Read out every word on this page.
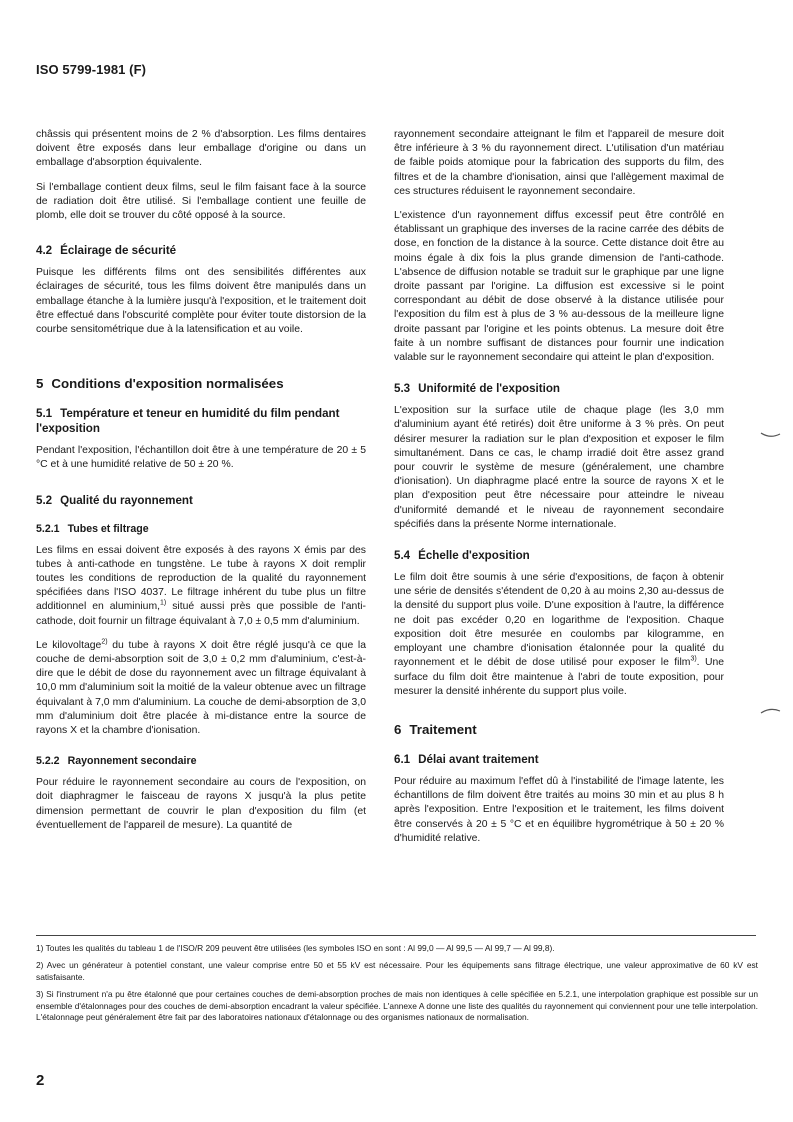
ISO 5799-1981 (F)

châssis qui présentent moins de 2 % d'absorption. Les films dentaires doivent être exposés dans leur emballage d'origine ou dans un emballage d'absorption équivalente.

Si l'emballage contient deux films, seul le film faisant face à la source de radiation doit être utilisé. Si l'emballage contient une feuille de plomb, elle doit se trouver du côté opposé à la source.

4.2 Éclairage de sécurité

Puisque les différents films ont des sensibilités différentes aux éclairages de sécurité, tous les films doivent être manipulés dans un emballage étanche à la lumière jusqu'à l'exposition, et le traitement doit être effectué dans l'obscurité complète pour éviter toute distorsion de la courbe sensitométrique due à la latensification et au voile.

5 Conditions d'exposition normalisées
5.1 Température et teneur en humidité du film pendant l'exposition

Pendant l'exposition, l'échantillon doit être à une température de 20 ± 5 °C et à une humidité relative de 50 ± 20 %.

5.2 Qualité du rayonnement
5.2.1 Tubes et filtrage

Les films en essai doivent être exposés à des rayons X émis par des tubes à anti-cathode en tungstène. Le tube à rayons X doit remplir toutes les conditions de reproduction de la qualité du rayonnement spécifiées dans l'ISO 4037. Le filtrage inhérent du tube plus un filtre additionnel en aluminium,$^{1)}$ situé aussi près que possible de l'anti-cathode, doit fournir un filtrage équivalant à 7,0 ± 0,5 mm d'aluminium.

Le kilovoltage$^{2)}$ du tube à rayons X doit être réglé jusqu'à ce que la couche de demi-absorption soit de 3,0 ± 0,2 mm d'aluminium, c'est-à-dire que le débit de dose du rayonnement avec un filtrage équivalant à 10,0 mm d'aluminium soit la moitié de la valeur obtenue avec un filtrage équivalant à 7,0 mm d'aluminium. La couche de demi-absorption de 3,0 mm d'aluminium doit être placée à mi-distance entre la source de rayons X et la chambre d'ionisation.

5.2.2 Rayonnement secondaire

Pour réduire le rayonnement secondaire au cours de l'exposition, on doit diaphragmer le faisceau de rayons X jusqu'à la plus petite dimension permettant de couvrir le plan d'exposition du film (et éventuellement de l'appareil de mesure). La quantité de

rayonnement secondaire atteignant le film et l'appareil de mesure doit être inférieure à 3 % du rayonnement direct. L'utilisation d'un matériau de faible poids atomique pour la fabrication des supports du film, des filtres et de la chambre d'ionisation, ainsi que l'allègement maximal de ces structures réduisent le rayonnement secondaire.

L'existence d'un rayonnement diffus excessif peut être contrôlé en établissant un graphique des inverses de la racine carrée des débits de dose, en fonction de la distance à la source. Cette distance doit être au moins égale à dix fois la plus grande dimension de l'anti-cathode. L'absence de diffusion notable se traduit sur le graphique par une ligne droite passant par l'origine. La diffusion est excessive si le point correspondant au débit de dose observé à la distance utilisée pour l'exposition du film est à plus de 3 % au-dessous de la meilleure ligne droite passant par l'origine et les points obtenus. La mesure doit être faite à un nombre suffisant de distances pour fournir une indication valable sur le rayonnement secondaire qui atteint le plan d'exposition.

5.3 Uniformité de l'exposition

L'exposition sur la surface utile de chaque plage (les 3,0 mm d'aluminium ayant été retirés) doit être uniforme à 3 % près. On peut désirer mesurer la radiation sur le plan d'exposition et exposer le film simultanément. Dans ce cas, le champ irradié doit être assez grand pour couvrir le système de mesure (généralement, une chambre d'ionisation). Un diaphragme placé entre la source de rayons X et le plan d'exposition peut être nécessaire pour atteindre le niveau d'uniformité demandé et le niveau de rayonnement secondaire spécifiés dans la présente Norme internationale.

5.4 Échelle d'exposition

Le film doit être soumis à une série d'expositions, de façon à obtenir une série de densités s'étendent de 0,20 à au moins 2,30 au-dessus de la densité du support plus voile. D'une exposition à l'autre, la différence ne doit pas excéder 0,20 en logarithme de l'exposition. Chaque exposition doit être mesurée en coulombs par kilogramme, en employant une chambre d'ionisation étalonnée pour la qualité du rayonnement et le débit de dose utilisé pour exposer le film$^{3)}$. Une surface du film doit être maintenue à l'abri de toute exposition, pour mesurer la densité inhérente du support plus voile.

6 Traitement
6.1 Délai avant traitement

Pour réduire au maximum l'effet dû à l'instabilité de l'image latente, les échantillons de film doivent être traités au moins 30 min et au plus 8 h après l'exposition. Entre l'exposition et le traitement, les films doivent être conservés à 20 ± 5 °C et en équilibre hygrométrique à 50 ± 20 % d'humidité relative.

1) Toutes les qualités du tableau 1 de l'ISO/R 209 peuvent être utilisées (les symboles ISO en sont : Al 99,0 — Al 99,5 — Al 99,7 — Al 99,8).

2) Avec un générateur à potentiel constant, une valeur comprise entre 50 et 55 kV est nécessaire. Pour les équipements sans filtrage électrique, une valeur approximative de 60 kV est satisfaisante.

3) Si l'instrument n'a pu être étalonné que pour certaines couches de demi-absorption proches de mais non identiques à celle spécifiée en 5.2.1, une interpolation graphique est possible sur un ensemble d'étalonnages pour des couches de demi-absorption encadrant la valeur spécifiée. L'annexe A donne une liste des qualités du rayonnement qui conviennent pour une telle interpolation. L'étalonnage peut généralement être fait par des laboratoires nationaux d'étalonnage ou des organismes nationaux de normalisation.

2
